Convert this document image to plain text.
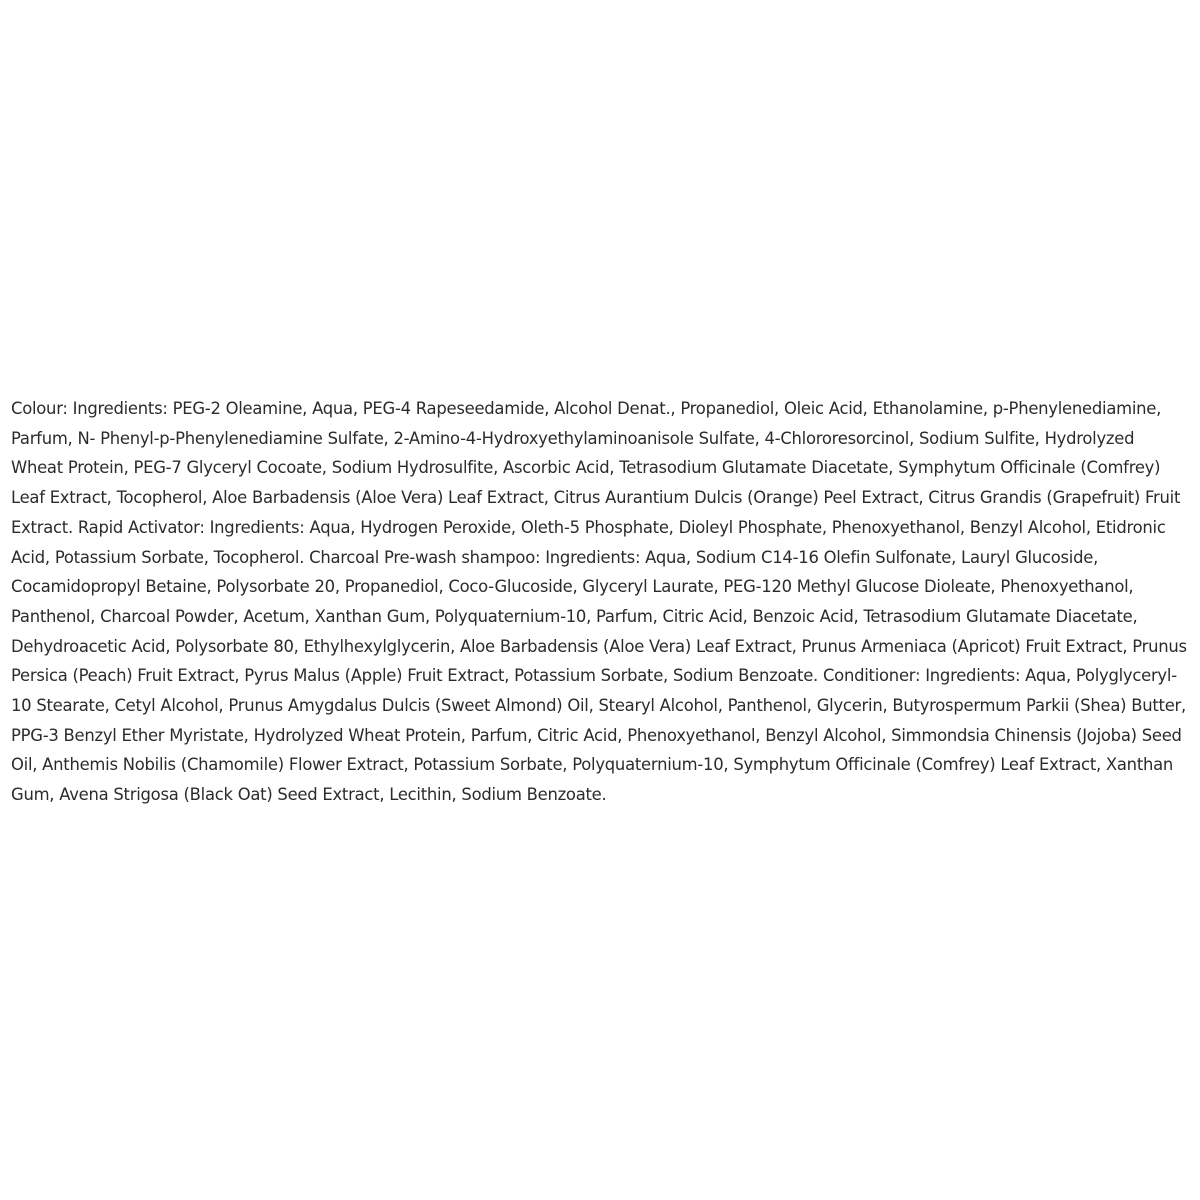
Colour: Ingredients: PEG-2 Oleamine, Aqua, PEG-4 Rapeseedamide, Alcohol Denat., Propanediol, Oleic Acid, Ethanolamine, p-Phenylenediamine, Parfum, N- Phenyl-p-Phenylenediamine Sulfate, 2-Amino-4-Hydroxyethylaminoanisole Sulfate, 4-Chlororesorcinol, Sodium Sulfite, Hydrolyzed Wheat Protein, PEG-7 Glyceryl Cocoate, Sodium Hydrosulfite, Ascorbic Acid, Tetrasodium Glutamate Diacetate, Symphytum Officinale (Comfrey) Leaf Extract, Tocopherol, Aloe Barbadensis (Aloe Vera) Leaf Extract, Citrus Aurantium Dulcis (Orange) Peel Extract, Citrus Grandis (Grapefruit) Fruit Extract. Rapid Activator: Ingredients: Aqua, Hydrogen Peroxide, Oleth-5 Phosphate, Dioleyl Phosphate, Phenoxyethanol, Benzyl Alcohol, Etidronic Acid, Potassium Sorbate, Tocopherol. Charcoal Pre-wash shampoo: Ingredients: Aqua, Sodium C14-16 Olefin Sulfonate, Lauryl Glucoside, Cocamidopropyl Betaine, Polysorbate 20, Propanediol, Coco-Glucoside, Glyceryl Laurate, PEG-120 Methyl Glucose Dioleate, Phenoxyethanol, Panthenol, Charcoal Powder, Acetum, Xanthan Gum, Polyquaternium-10, Parfum, Citric Acid, Benzoic Acid, Tetrasodium Glutamate Diacetate, Dehydroacetic Acid, Polysorbate 80, Ethylhexylglycerin, Aloe Barbadensis (Aloe Vera) Leaf Extract, Prunus Armeniaca (Apricot) Fruit Extract, Prunus Persica (Peach) Fruit Extract, Pyrus Malus (Apple) Fruit Extract, Potassium Sorbate, Sodium Benzoate. Conditioner: Ingredients: Aqua, Polyglyceryl-10 Stearate, Cetyl Alcohol, Prunus Amygdalus Dulcis (Sweet Almond) Oil, Stearyl Alcohol, Panthenol, Glycerin, Butyrospermum Parkii (Shea) Butter, PPG-3 Benzyl Ether Myristate, Hydrolyzed Wheat Protein, Parfum, Citric Acid, Phenoxyethanol, Benzyl Alcohol, Simmondsia Chinensis (Jojoba) Seed Oil, Anthemis Nobilis (Chamomile) Flower Extract, Potassium Sorbate, Polyquaternium-10, Symphytum Officinale (Comfrey) Leaf Extract, Xanthan Gum, Avena Strigosa (Black Oat) Seed Extract, Lecithin, Sodium Benzoate.
